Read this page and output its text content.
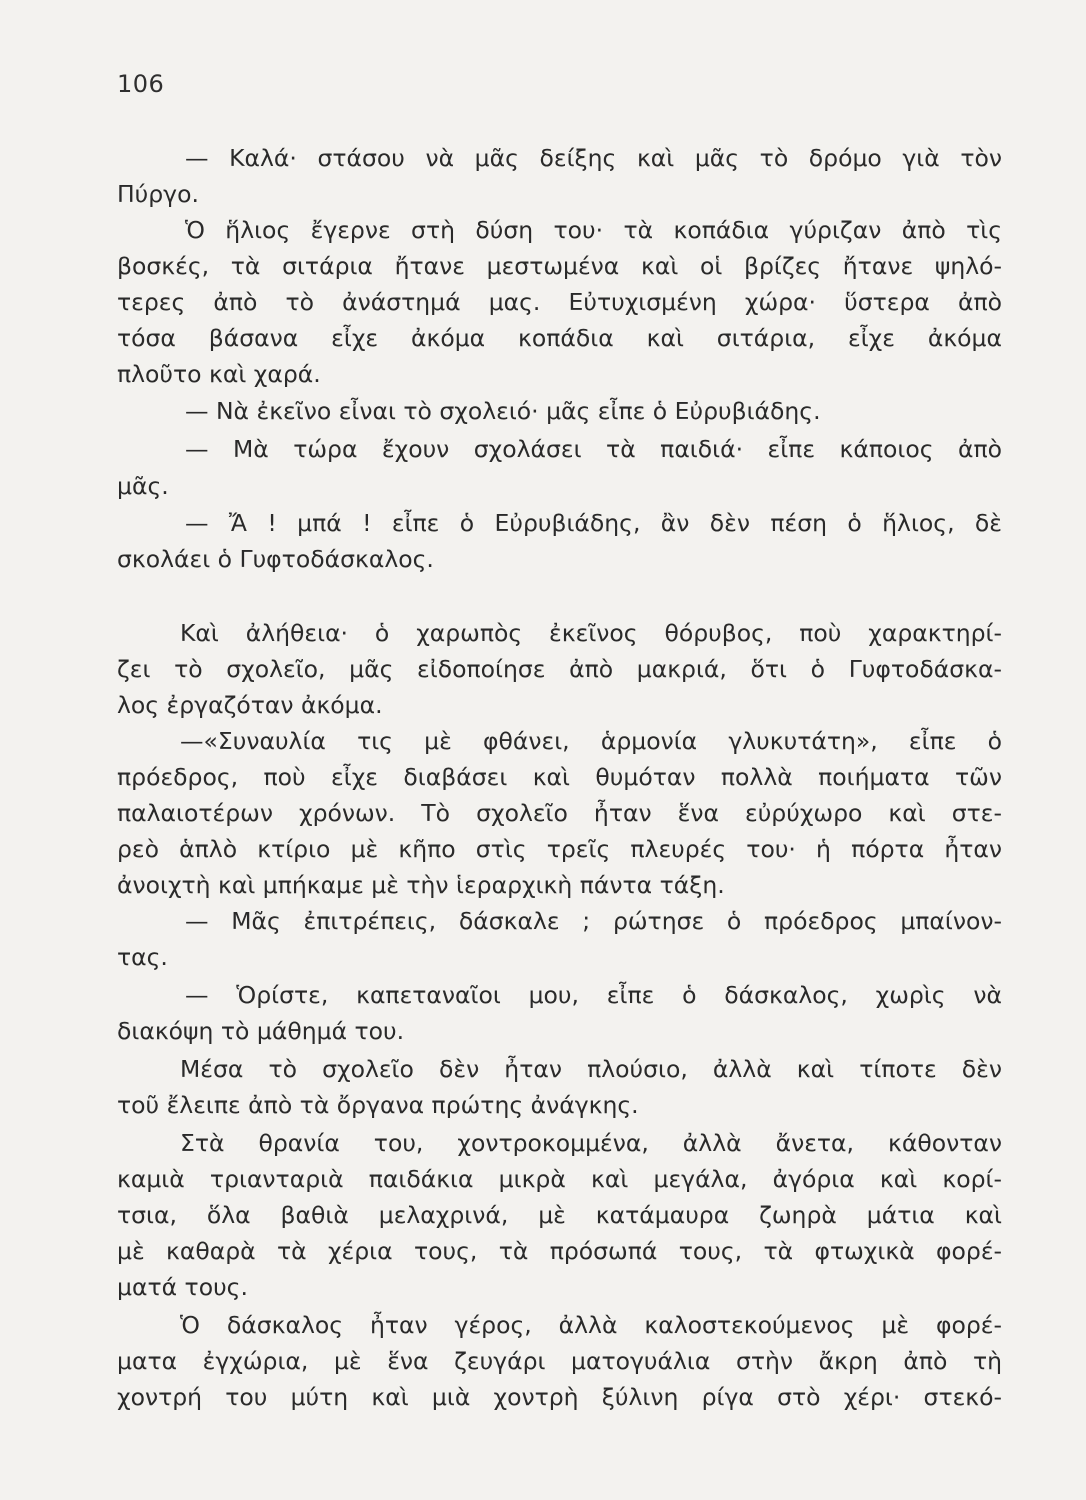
106
— Καλά· στάσου νὰ μᾶς δείξης καὶ μᾶς τὸ δρόμο γιὰ τὸν
Πύργο.
Ὁ ἥλιος ἔγερνε στὴ δύση του· τὰ κοπάδια γύριζαν ἀπὸ τὶς
βοσκές, τὰ σιτάρια ἤτανε μεστωμένα καὶ οἱ βρίζες ἤτανε ψηλό-
τερες ἀπὸ τὸ ἀνάστημά μας. Εὐτυχισμένη χώρα· ὕστερα ἀπὸ
τόσα βάσανα εἶχε ἀκόμα κοπάδια καὶ σιτάρια, εἶχε ἀκόμα
πλοῦτο καὶ χαρά.
— Νὰ ἐκεῖνο εἶναι τὸ σχολειό· μᾶς εἶπε ὁ Εὐρυβιάδης.
— Μὰ τώρα ἔχουν σχολάσει τὰ παιδιά· εἶπε κάποιος ἀπὸ
μᾶς.
— Ἄ ! μπά ! εἶπε ὁ Εὐρυβιάδης, ἂν δὲν πέση ὁ ἥλιος, δὲ
σκολάει ὁ Γυφτοδάσκαλος.
Καὶ ἀλήθεια· ὁ χαρωπὸς ἐκεῖνος θόρυβος, ποὺ χαρακτηρί-
ζει τὸ σχολεῖο, μᾶς εἰδοποίησε ἀπὸ μακριά, ὅτι ὁ Γυφτοδάσκα-
λος ἐργαζόταν ἀκόμα.
—«Συναυλία τις μὲ φθάνει, ἁρμονία γλυκυτάτη», εἶπε ὁ
πρόεδρος, ποὺ εἶχε διαβάσει καὶ θυμόταν πολλὰ ποιήματα τῶν
παλαιοτέρων χρόνων. Τὸ σχολεῖο ἦταν ἕνα εὐρύχωρο καὶ στε-
ρεὸ ἁπλὸ κτίριο μὲ κῆπο στὶς τρεῖς πλευρές του· ἡ πόρτα ἦταν
ἀνοιχτὴ καὶ μπήκαμε μὲ τὴν ἱεραρχικὴ πάντα τάξη.
— Μᾶς ἐπιτρέπεις, δάσκαλε ; ρώτησε ὁ πρόεδρος μπαίνον-
τας.
— Ὁρίστε, καπεταναῖοι μου, εἶπε ὁ δάσκαλος, χωρὶς νὰ
διακόψη τὸ μάθημά του.
Μέσα τὸ σχολεῖο δὲν ἦταν πλούσιο, ἀλλὰ καὶ τίποτε δὲν
τοῦ ἔλειπε ἀπὸ τὰ ὄργανα πρώτης ἀνάγκης.
Στὰ θρανία του, χοντροκομμένα, ἀλλὰ ἄνετα, κάθονταν
καμιὰ τριανταριὰ παιδάκια μικρὰ καὶ μεγάλα, ἀγόρια καὶ κορί-
τσια, ὅλα βαθιὰ μελαχρινά, μὲ κατάμαυρα ζωηρὰ μάτια καὶ
μὲ καθαρὰ τὰ χέρια τους, τὰ πρόσωπά τους, τὰ φτωχικὰ φορέ-
ματά τους.
Ὁ δάσκαλος ἦταν γέρος, ἀλλὰ καλοστεκούμενος μὲ φορέ-
ματα ἐγχώρια, μὲ ἕνα ζευγάρι ματογυάλια στὴν ἄκρη ἀπὸ τὴ
χοντρή του μύτη καὶ μιὰ χοντρὴ ξύλινη ρίγα στὸ χέρι· στεκό-
